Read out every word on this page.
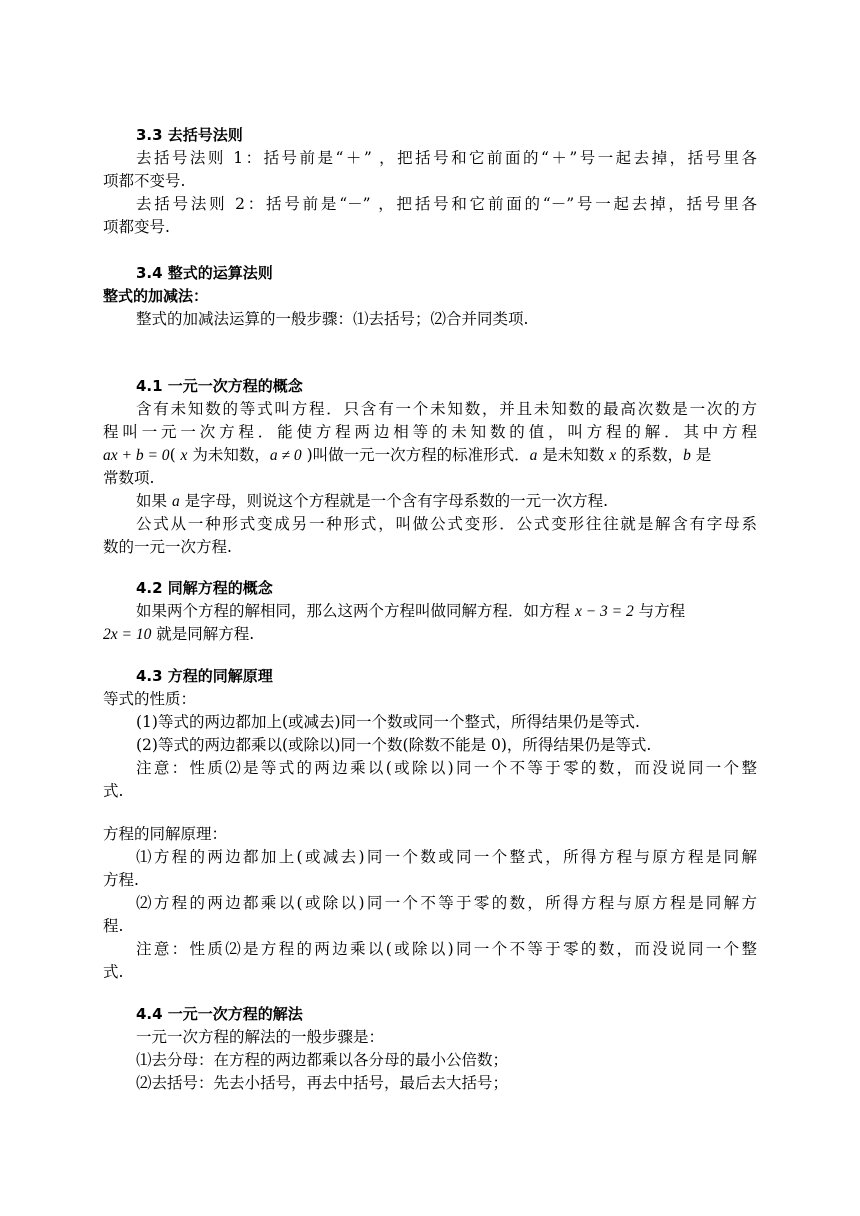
3.3 去括号法则
去括号法则 1：括号前是“＋” ，把括号和它前面的“＋”号一起去掉，括号里各
项都不变号.
去括号法则 2：括号前是“－” ，把括号和它前面的“－”号一起去掉，括号里各
项都变号.
3.4 整式的运算法则
整式的加减法：
整式的加减法运算的一般步骤：⑴去括号；⑵合并同类项.
4.1 一元一次方程的概念
含有未知数的等式叫方程．只含有一个未知数，并且未知数的最高次数是一次的方
程叫一元一次方程．能使方程两边相等的未知数的值，叫方程的解．其中方程
ax + b = 0( x 为未知数，a ≠ 0 )叫做一元一次方程的标准形式．a 是未知数 x 的系数，b 是
常数项.
如果 a 是字母，则说这个方程就是一个含有字母系数的一元一次方程.
公式从一种形式变成另一种形式，叫做公式变形．公式变形往往就是解含有字母系
数的一元一次方程.
4.2 同解方程的概念
如果两个方程的解相同，那么这两个方程叫做同解方程．如方程 x − 3 = 2 与方程
2x = 10 就是同解方程.
4.3 方程的同解原理
等式的性质：
(1)等式的两边都加上(或减去)同一个数或同一个整式，所得结果仍是等式.
(2)等式的两边都乘以(或除以)同一个数(除数不能是 0)，所得结果仍是等式.
注意：性质⑵是等式的两边乘以(或除以)同一个不等于零的数，而没说同一个整
式.
方程的同解原理：
⑴方程的两边都加上(或减去)同一个数或同一个整式，所得方程与原方程是同解
方程.
⑵方程的两边都乘以(或除以)同一个不等于零的数，所得方程与原方程是同解方
程.
注意：性质⑵是方程的两边乘以(或除以)同一个不等于零的数，而没说同一个整
式.
4.4 一元一次方程的解法
一元一次方程的解法的一般步骤是：
⑴去分母：在方程的两边都乘以各分母的最小公倍数；
⑵去括号：先去小括号，再去中括号，最后去大括号；
